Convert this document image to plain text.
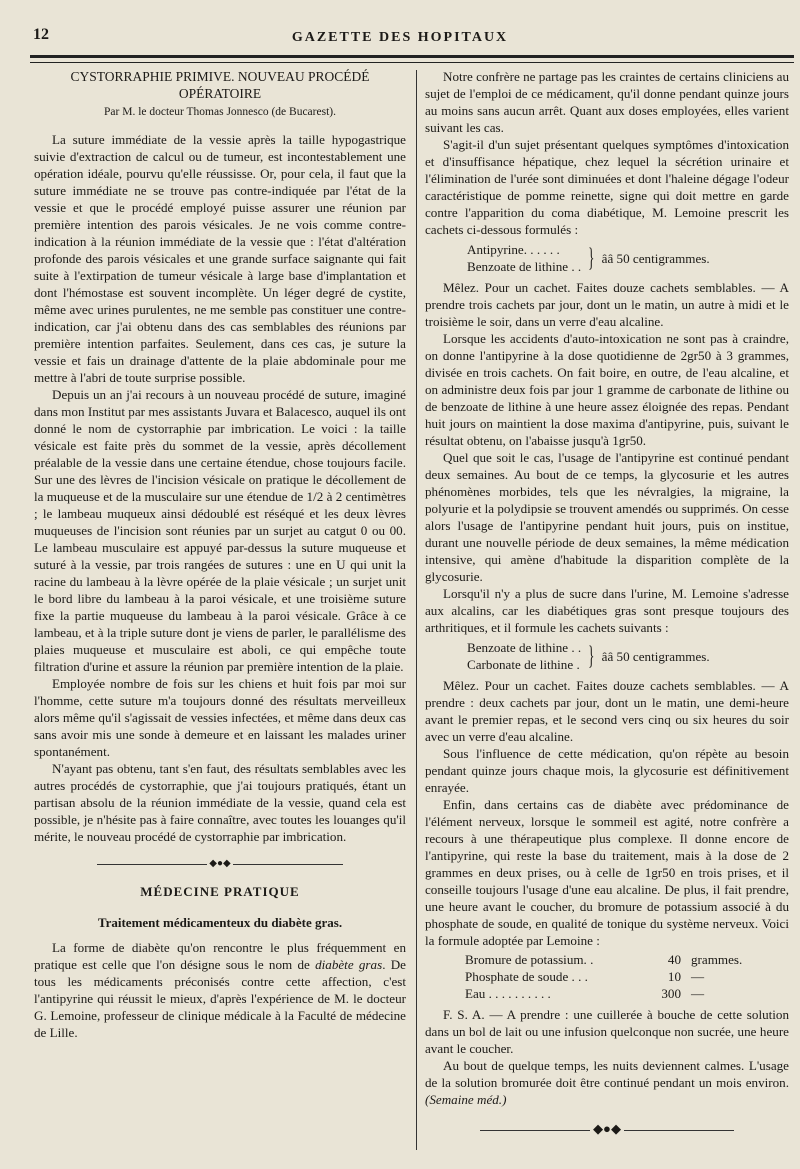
12	GAZETTE DES HOPITAUX
CYSTORRAPHIE PRIMIVE. NOUVEAU PROCÉDÉ OPÉRATOIRE
Par M. le docteur Thomas Jonnesco (de Bucarest).

La suture immédiate de la vessie après la taille hypogastrique suivie d'extraction de calcul ou de tumeur, est incontestablement une opération idéale, pourvu qu'elle réussisse. Or, pour cela, il faut que la suture immédiate ne se trouve pas contre-indiquée par l'état de la vessie et que le procédé employé puisse assurer une réunion par première intention des parois vésicales. Je ne vois comme contre-indication à la réunion immédiate de la vessie que : l'état d'altération profonde des parois vésicales et une grande surface saignante qui fait suite à l'extirpation de tumeur vésicale à large base d'implantation et dont l'hémostase est souvent incomplète. Un léger degré de cystite, même avec urines purulentes, ne me semble pas constituer une contre-indication, car j'ai obtenu dans des cas semblables des réunions par première intention parfaites. Seulement, dans ces cas, je suture la vessie et fais un drainage d'attente de la plaie abdominale pour me mettre à l'abri de toute surprise possible.

Depuis un an j'ai recours à un nouveau procédé de suture, imaginé dans mon Institut par mes assistants Juvara et Balacesco, auquel ils ont donné le nom de cystorraphie par imbrication. Le voici : la taille vésicale est faite près du sommet de la vessie, après décollement préalable de la vessie dans une certaine étendue, chose toujours facile. Sur une des lèvres de l'incision vésicale on pratique le décollement de la muqueuse et de la musculaire sur une étendue de 1/2 à 2 centimètres ; le lambeau muqueux ainsi dédoublé est réséqué et les deux lèvres muqueuses de l'incision sont réunies par un surjet au catgut 0 ou 00. Le lambeau musculaire est appuyé par-dessus la suture muqueuse et suturé à la vessie, par trois rangées de sutures : une en U qui unit la racine du lambeau à la lèvre opérée de la plaie vésicale ; un surjet unit le bord libre du lambeau à la paroi vésicale, et une troisième suture fixe la partie muqueuse du lambeau à la paroi vésicale. Grâce à ce lambeau, et à la triple suture dont je viens de parler, le parallélisme des plaies muqueuse et musculaire est aboli, ce qui empêche toute filtration d'urine et assure la réunion par première intention de la plaie.

Employée nombre de fois sur les chiens et huit fois par moi sur l'homme, cette suture m'a toujours donné des résultats merveilleux alors même qu'il s'agissait de vessies infectées, et même dans deux cas sans avoir mis une sonde à demeure et en laissant les malades uriner spontanément.

N'ayant pas obtenu, tant s'en faut, des résultats semblables avec les autres procédés de cystorraphie, que j'ai toujours pratiqués, étant un partisan absolu de la réunion immédiate de la vessie, quand cela est possible, je n'hésite pas à faire connaître, avec toutes les louanges qu'il mérite, le nouveau procédé de cystorraphie par imbrication.

◆●◆
MÉDECINE PRATIQUE
Traitement médicamenteux du diabète gras.

La forme de diabète qu'on rencontre le plus fréquemment en pratique est celle que l'on désigne sous le nom de diabète gras. De tous les médicaments préconisés contre cette affection, c'est l'antipyrine qui réussit le mieux, d'après l'expérience de M. le docteur G. Lemoine, professeur de clinique médicale à la Faculté de médecine de Lille.

Notre confrère ne partage pas les craintes de certains cliniciens au sujet de l'emploi de ce médicament, qu'il donne pendant quinze jours au moins sans aucun arrêt. Quant aux doses employées, elles varient suivant les cas.

S'agit-il d'un sujet présentant quelques symptômes d'intoxication et d'insuffisance hépatique, chez lequel la sécrétion urinaire et l'élimination de l'urée sont diminuées et dont l'haleine dégage l'odeur caractéristique de pomme reinette, signe qui doit mettre en garde contre l'apparition du coma diabétique, M. Lemoine prescrit les cachets ci-dessous formulés :

Antipyrine. . . . . .
Benzoate de lithine . . } ââ 50 centigrammes.

Mêlez. Pour un cachet. Faites douze cachets semblables. — A prendre trois cachets par jour, dont un le matin, un autre à midi et le troisième le soir, dans un verre d'eau alcaline.

Lorsque les accidents d'auto-intoxication ne sont pas à craindre, on donne l'antipyrine à la dose quotidienne de 2gr50 à 3 grammes, divisée en trois cachets. On fait boire, en outre, de l'eau alcaline, et on administre deux fois par jour 1 gramme de carbonate de lithine ou de benzoate de lithine à une heure assez éloignée des repas. Pendant huit jours on maintient la dose maxima d'antipyrine, puis, suivant le résultat obtenu, on l'abaisse jusqu'à 1gr50.

Quel que soit le cas, l'usage de l'antipyrine est continué pendant deux semaines. Au bout de ce temps, la glycosurie et les autres phénomènes morbides, tels que les névralgies, la migraine, la polyurie et la polydipsie se trouvent amendés ou supprimés. On cesse alors l'usage de l'antipyrine pendant huit jours, puis on institue, durant une nouvelle période de deux semaines, la même médication intensive, qui amène d'habitude la disparition complète de la glycosurie.

Lorsqu'il n'y a plus de sucre dans l'urine, M. Lemoine s'adresse aux alcalins, car les diabétiques gras sont presque toujours des arthritiques, et il formule les cachets suivants :

Benzoate de lithine . .
Carbonate de lithine . } ââ 50 centigrammes.

Mêlez. Pour un cachet. Faites douze cachets semblables. — A prendre : deux cachets par jour, dont un le matin, une demi-heure avant le premier repas, et le second vers cinq ou six heures du soir avec un verre d'eau alcaline.

Sous l'influence de cette médication, qu'on répète au besoin pendant quinze jours chaque mois, la glycosurie est définitivement enrayée.

Enfin, dans certains cas de diabète avec prédominance de l'élément nerveux, lorsque le sommeil est agité, notre confrère a recours à une thérapeutique plus complexe. Il donne encore de l'antipyrine, qui reste la base du traitement, mais à la dose de 2 grammes en deux prises, ou à celle de 1gr50 en trois prises, et il conseille toujours l'usage d'une eau alcaline. De plus, il fait prendre, une heure avant le coucher, du bromure de potassium associé à du phosphate de soude, en qualité de tonique du système nerveux. Voici la formule adoptée par Lemoine :

Bromure de potassium. .	40 grammes.
Phosphate de soude . . .	10 —
Eau . . . . . . . . . .	300 —

F. S. A. — A prendre : une cuillerée à bouche de cette solution dans un bol de lait ou une infusion quelconque non sucrée, une heure avant le coucher.

Au bout de quelque temps, les nuits deviennent calmes. L'usage de la solution bromurée doit être continué pendant un mois environ. (Semaine méd.)

◆●◆
